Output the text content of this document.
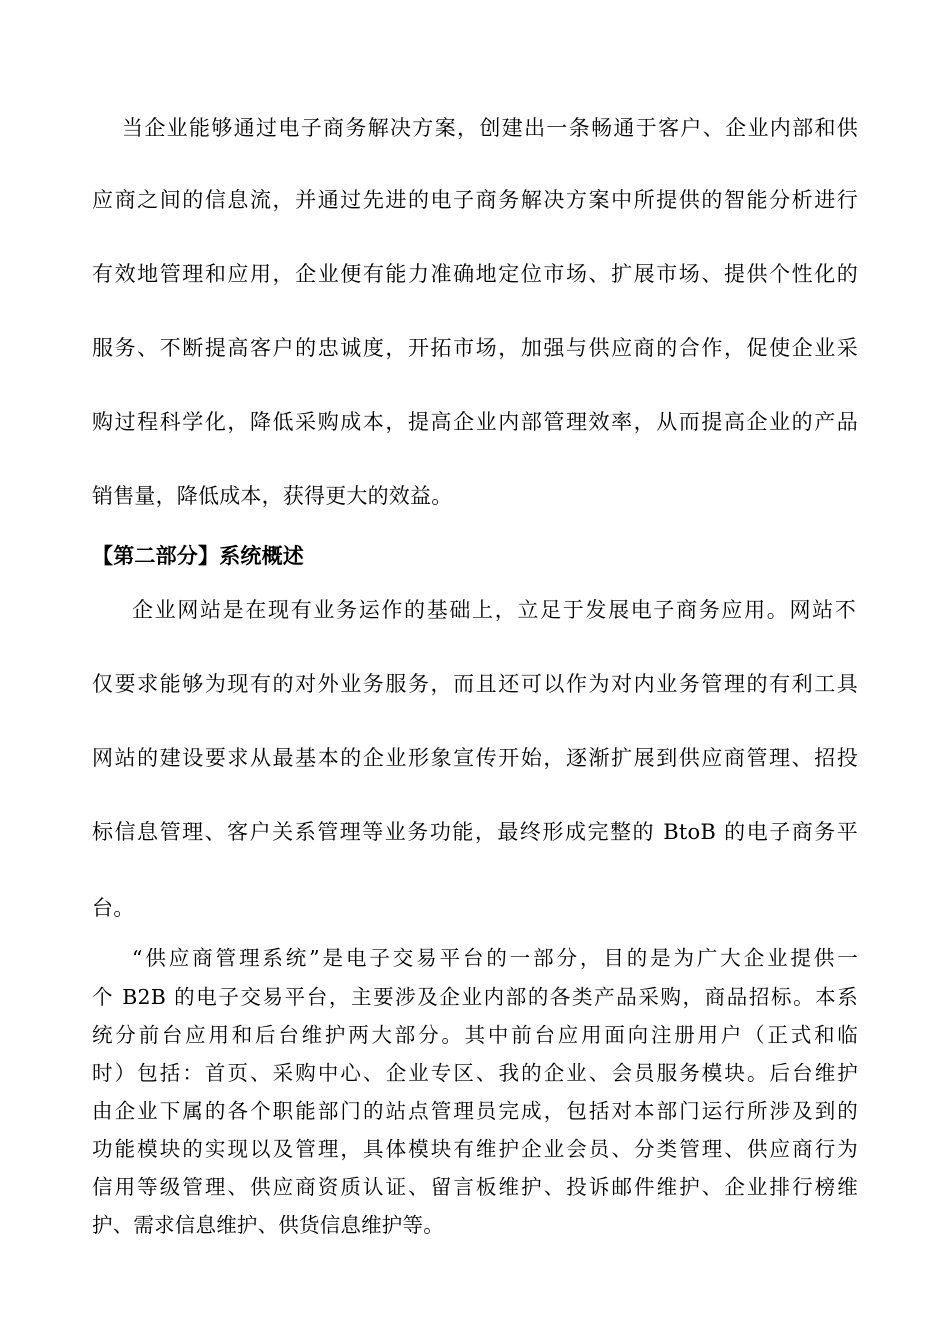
当企业能够通过电子商务解决方案，创建出一条畅通于客户、企业内部和供
应商之间的信息流，并通过先进的电子商务解决方案中所提供的智能分析进行
有效地管理和应用，企业便有能力准确地定位市场、扩展市场、提供个性化的
服务、不断提高客户的忠诚度，开拓市场，加强与供应商的合作，促使企业采
购过程科学化，降低采购成本，提高企业内部管理效率，从而提高企业的产品
销售量，降低成本，获得更大的效益。
【第二部分】系统概述
企业网站是在现有业务运作的基础上，立足于发展电子商务应用。网站不
仅要求能够为现有的对外业务服务，而且还可以作为对内业务管理的有利工具
网站的建设要求从最基本的企业形象宣传开始，逐渐扩展到供应商管理、招投
标信息管理、客户关系管理等业务功能，最终形成完整的 BtoB 的电子商务平
台。
“供应商管理系统”是电子交易平台的一部分，目的是为广大企业提供一
个 B2B 的电子交易平台，主要涉及企业内部的各类产品采购，商品招标。本系
统分前台应用和后台维护两大部分。其中前台应用面向注册用户（正式和临
时）包括：首页、采购中心、企业专区、我的企业、会员服务模块。后台维护
由企业下属的各个职能部门的站点管理员完成，包括对本部门运行所涉及到的
功能模块的实现以及管理，具体模块有维护企业会员、分类管理、供应商行为
信用等级管理、供应商资质认证、留言板维护、投诉邮件维护、企业排行榜维
护、需求信息维护、供货信息维护等。
